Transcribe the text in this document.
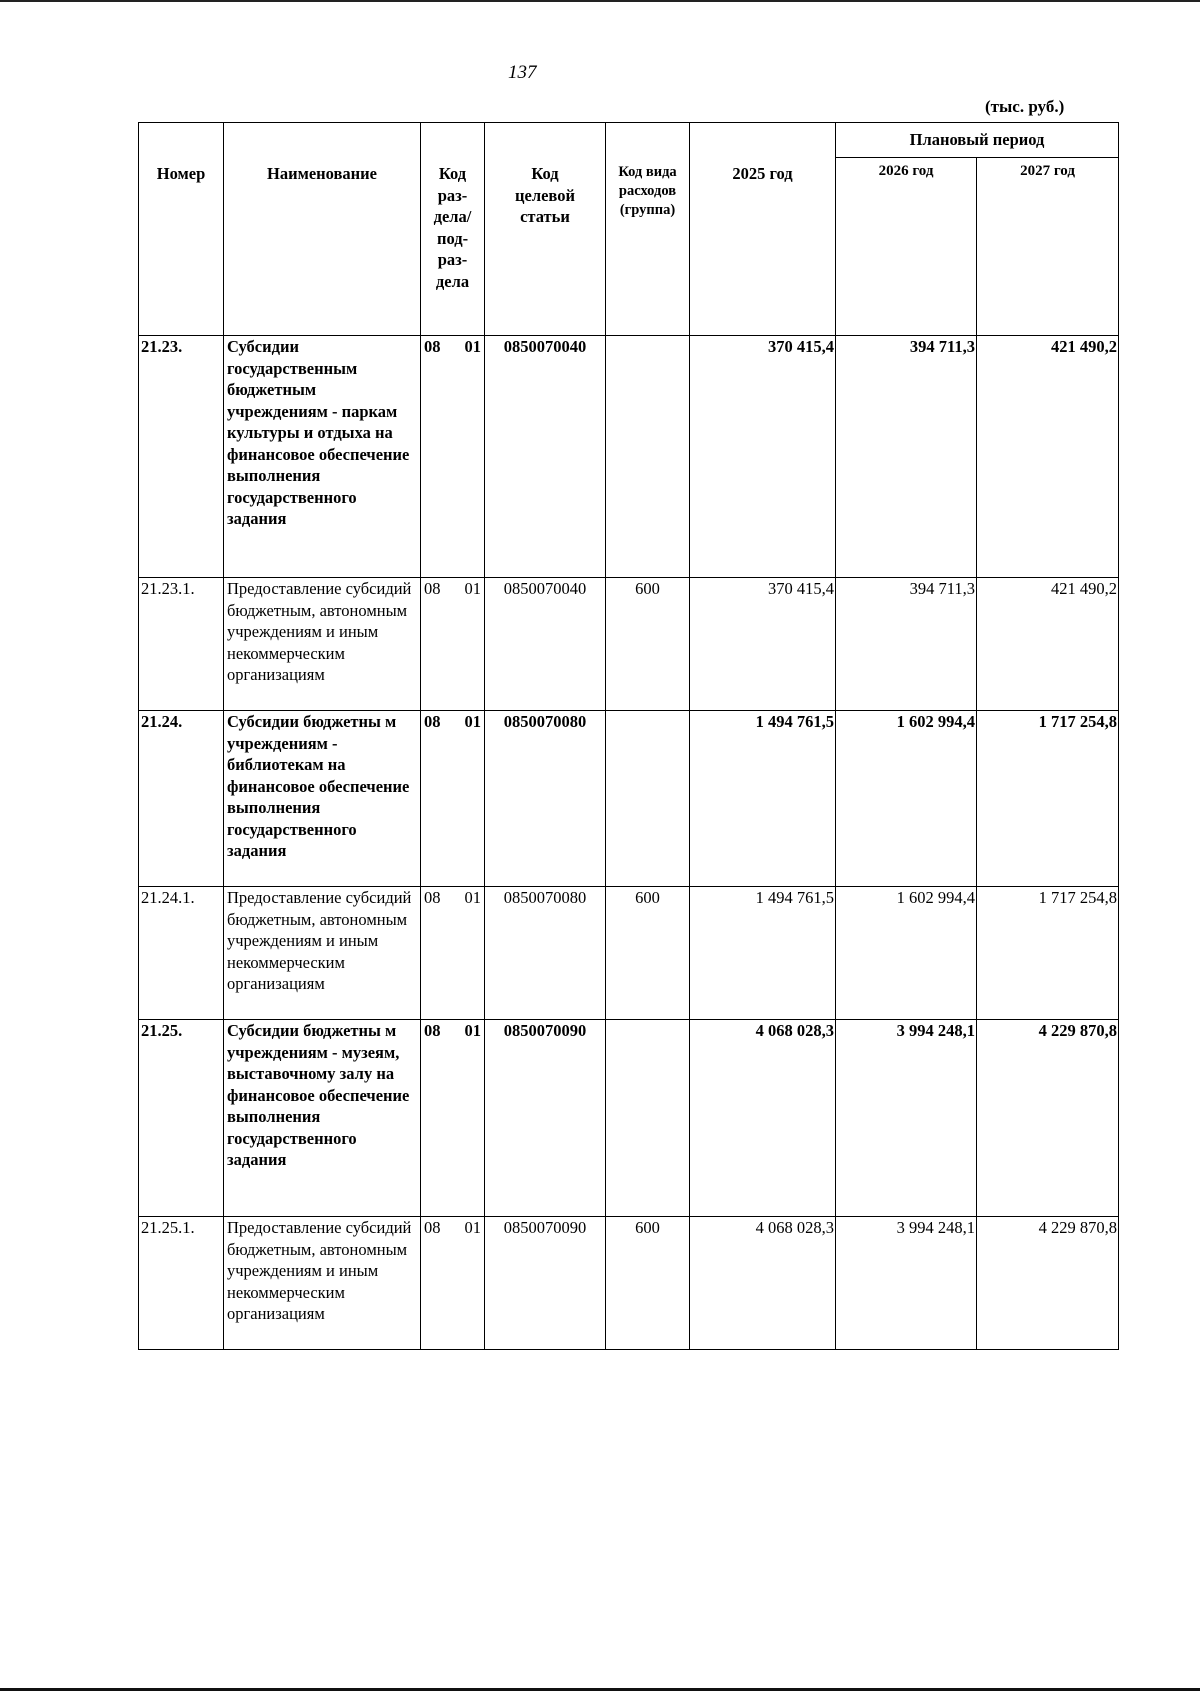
137
(тыс. руб.)
Номер	Наименование	Код раз-дела/ под-раз-дела	Код целевой статьи	Код вида расходов (группа)	2025 год	Плановый период	
						2026 год	2027 год
21.23.	Субсидии государственным бюджетным учреждениям - паркам культуры и отдыха на финансовое обеспечение выполнения государственного задания	08 01	0850070040		370 415,4	394 711,3	421 490,2
21.23.1.	Предоставление субсидий бюджетным, автономным учреждениям и иным некоммерческим организациям	08 01	0850070040	600	370 415,4	394 711,3	421 490,2
21.24.	Субсидии бюджетны м учреждениям - библиотекам на финансовое обеспечение выполнения государственного задания	08 01	0850070080		1 494 761,5	1 602 994,4	1 717 254,8
21.24.1.	Предоставление субсидий бюджетным, автономным учреждениям и иным некоммерческим организациям	08 01	0850070080	600	1 494 761,5	1 602 994,4	1 717 254,8
21.25.	Субсидии бюджетны м учреждениям - музеям, выставочному залу на финансовое обеспечение выполнения государственного задания	08 01	0850070090		4 068 028,3	3 994 248,1	4 229 870,8
21.25.1.	Предоставление субсидий бюджетным, автономным учреждениям и иным некоммерческим организациям	08 01	0850070090	600	4 068 028,3	3 994 248,1	4 229 870,8
